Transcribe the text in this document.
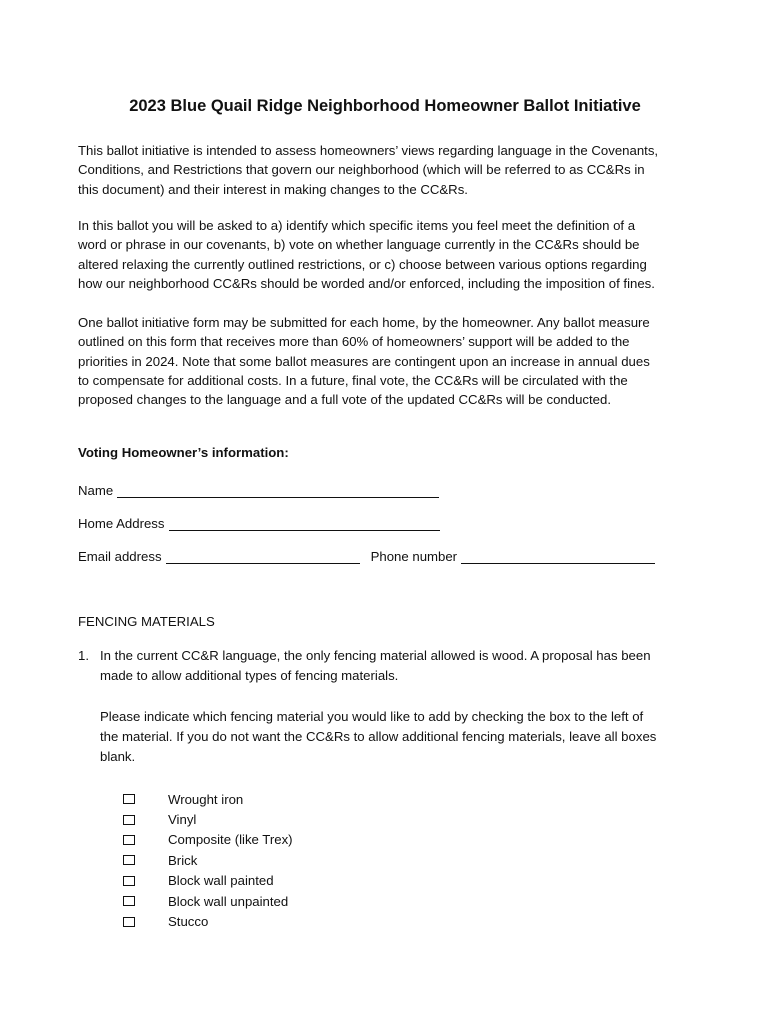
2023 Blue Quail Ridge Neighborhood Homeowner Ballot Initiative

This ballot initiative is intended to assess homeowners’ views regarding language in the Covenants,
Conditions, and Restrictions that govern our neighborhood (which will be referred to as CC&Rs in
this document) and their interest in making changes to the CC&Rs.

In this ballot you will be asked to a) identify which specific items you feel meet the definition of a
word or phrase in our covenants, b) vote on whether language currently in the CC&Rs should be
altered relaxing the currently outlined restrictions, or c) choose between various options regarding
how our neighborhood CC&Rs should be worded and/or enforced, including the imposition of fines.

One ballot initiative form may be submitted for each home, by the homeowner. Any ballot measure
outlined on this form that receives more than 60% of homeowners’ support will be added to the
priorities in 2024. Note that some ballot measures are contingent upon an increase in annual dues
to compensate for additional costs. In a future, final vote, the CC&Rs will be circulated with the
proposed changes to the language and a full vote of the updated CC&Rs will be conducted.

Voting Homeowner’s information:
Name
Home Address
Email address	Phone number
FENCING MATERIALS
1. In the current CC&R language, the only fencing material allowed is wood. A proposal has been
made to allow additional types of fencing materials.
Please indicate which fencing material you would like to add by checking the box to the left of
the material. If you do not want the CC&Rs to allow additional fencing materials, leave all boxes
blank.
Wrought iron
Vinyl
Composite (like Trex)
Brick
Block wall painted
Block wall unpainted
Stucco
